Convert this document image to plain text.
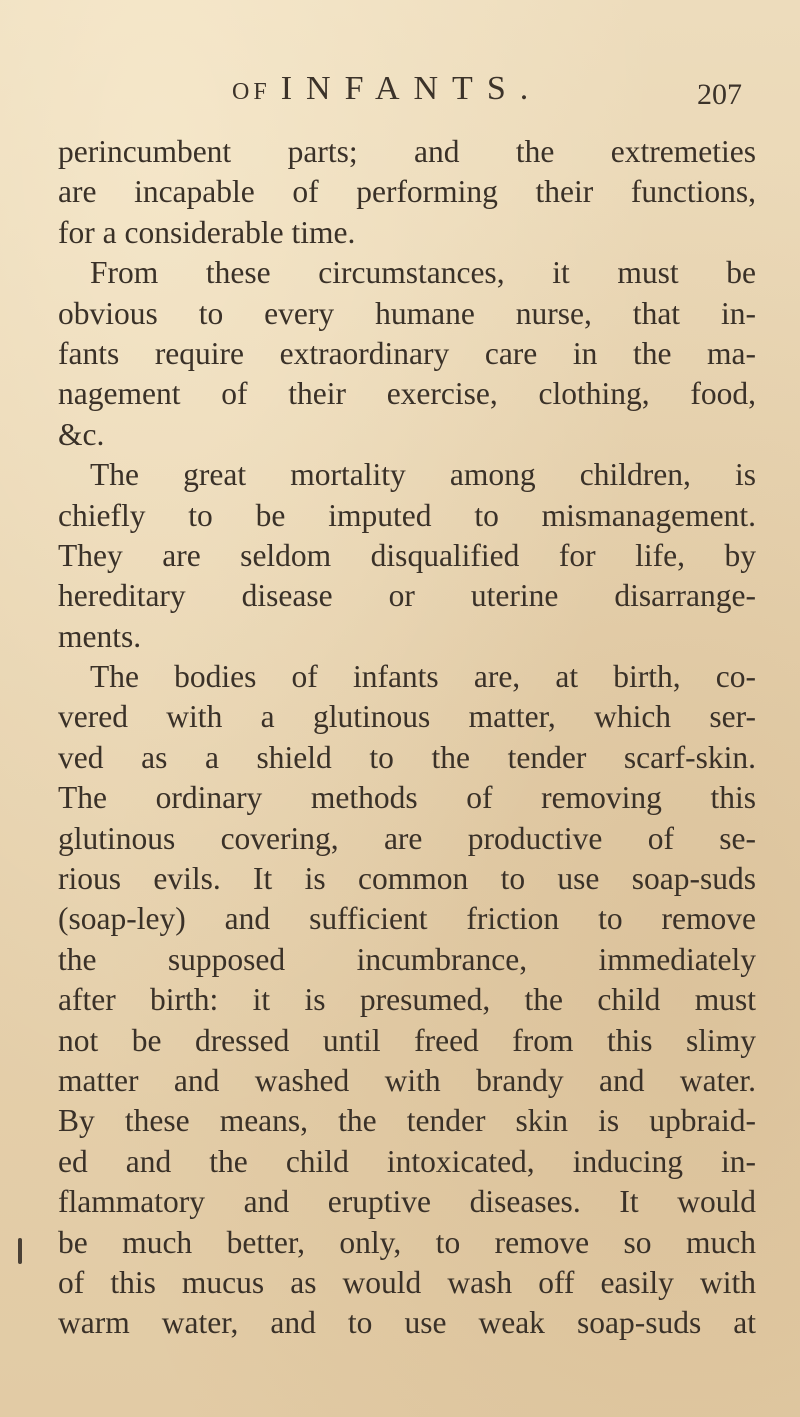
OF INFANTS.	207
perincumbent parts; and the extremeties
are incapable of performing their functions,
for a considerable time.
From these circumstances, it must be
obvious to every humane nurse, that in-
fants require extraordinary care in the ma-
nagement of their exercise, clothing, food,
&c.
The great mortality among children, is
chiefly to be imputed to mismanagement.
They are seldom disqualified for life, by
hereditary disease or uterine disarrange-
ments.
The bodies of infants are, at birth, co-
vered with a glutinous matter, which ser-
ved as a shield to the tender scarf-skin.
The ordinary methods of removing this
glutinous covering, are productive of se-
rious evils. It is common to use soap-suds
(soap-ley) and sufficient friction to remove
the supposed incumbrance, immediately
after birth: it is presumed, the child must
not be dressed until freed from this slimy
matter and washed with brandy and water.
By these means, the tender skin is upbraid-
ed and the child intoxicated, inducing in-
flammatory and eruptive diseases. It would
be much better, only, to remove so much
of this mucus as would wash off easily with
warm water, and to use weak soap-suds at
